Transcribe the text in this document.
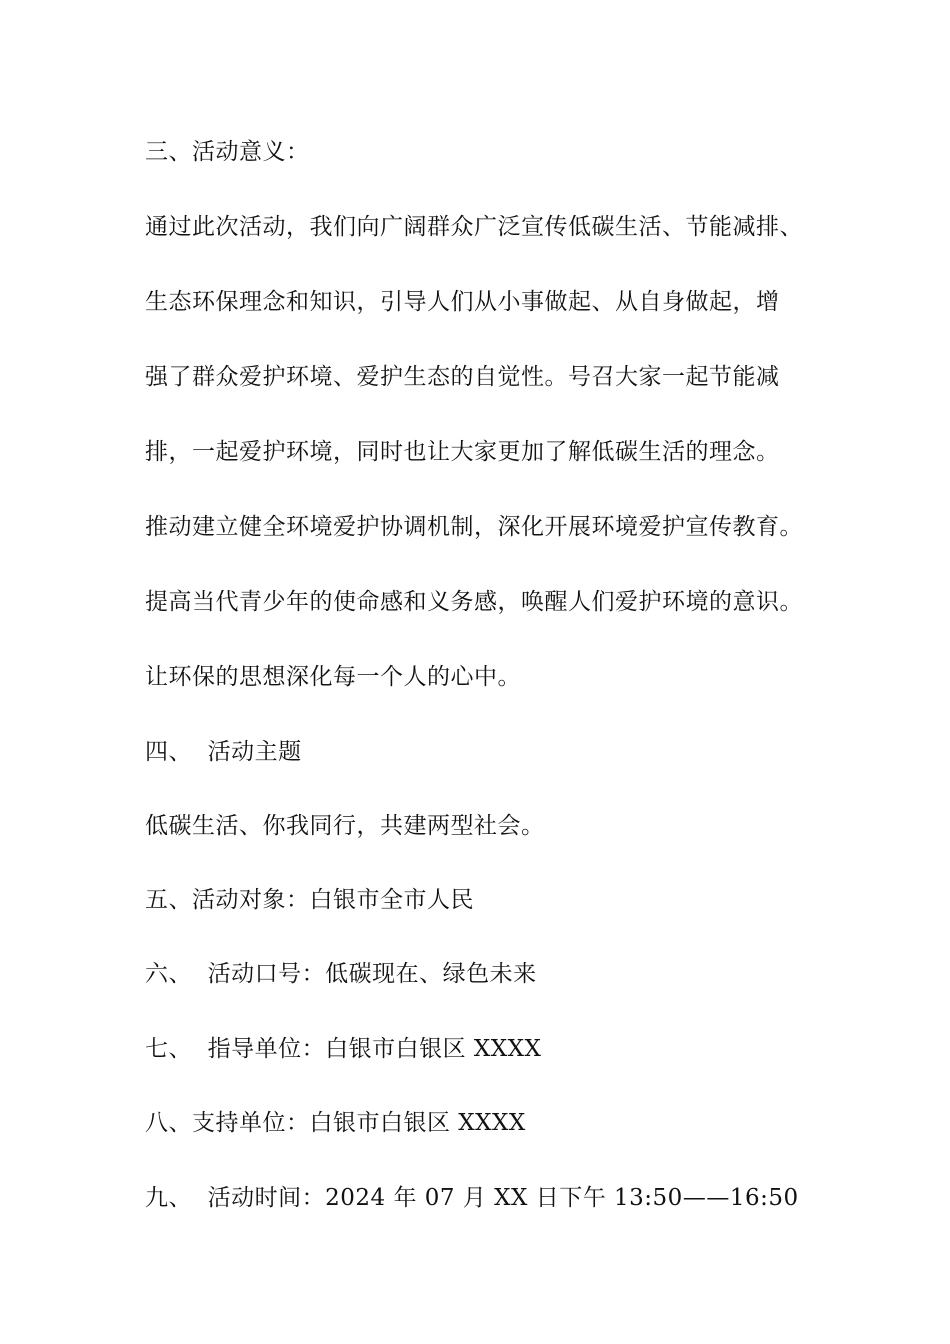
三、活动意义：
通过此次活动，我们向广阔群众广泛宣传低碳生活、节能减排、
生态环保理念和知识，引导人们从小事做起、从自身做起，增
强了群众爱护环境、爱护生态的自觉性。号召大家一起节能减
排，一起爱护环境，同时也让大家更加了解低碳生活的理念。
推动建立健全环境爱护协调机制，深化开展环境爱护宣传教育。
提高当代青少年的使命感和义务感，唤醒人们爱护环境的意识。
让环保的思想深化每一个人的心中。
四、  活动主题
低碳生活、你我同行，共建两型社会。
五、活动对象：白银市全市人民
六、  活动口号：低碳现在、绿色未来
七、  指导单位：白银市白银区 XXXX
八、支持单位：白银市白银区 XXXX
九、  活动时间：2024 年 07 月 XX 日下午 13:50——16:50
